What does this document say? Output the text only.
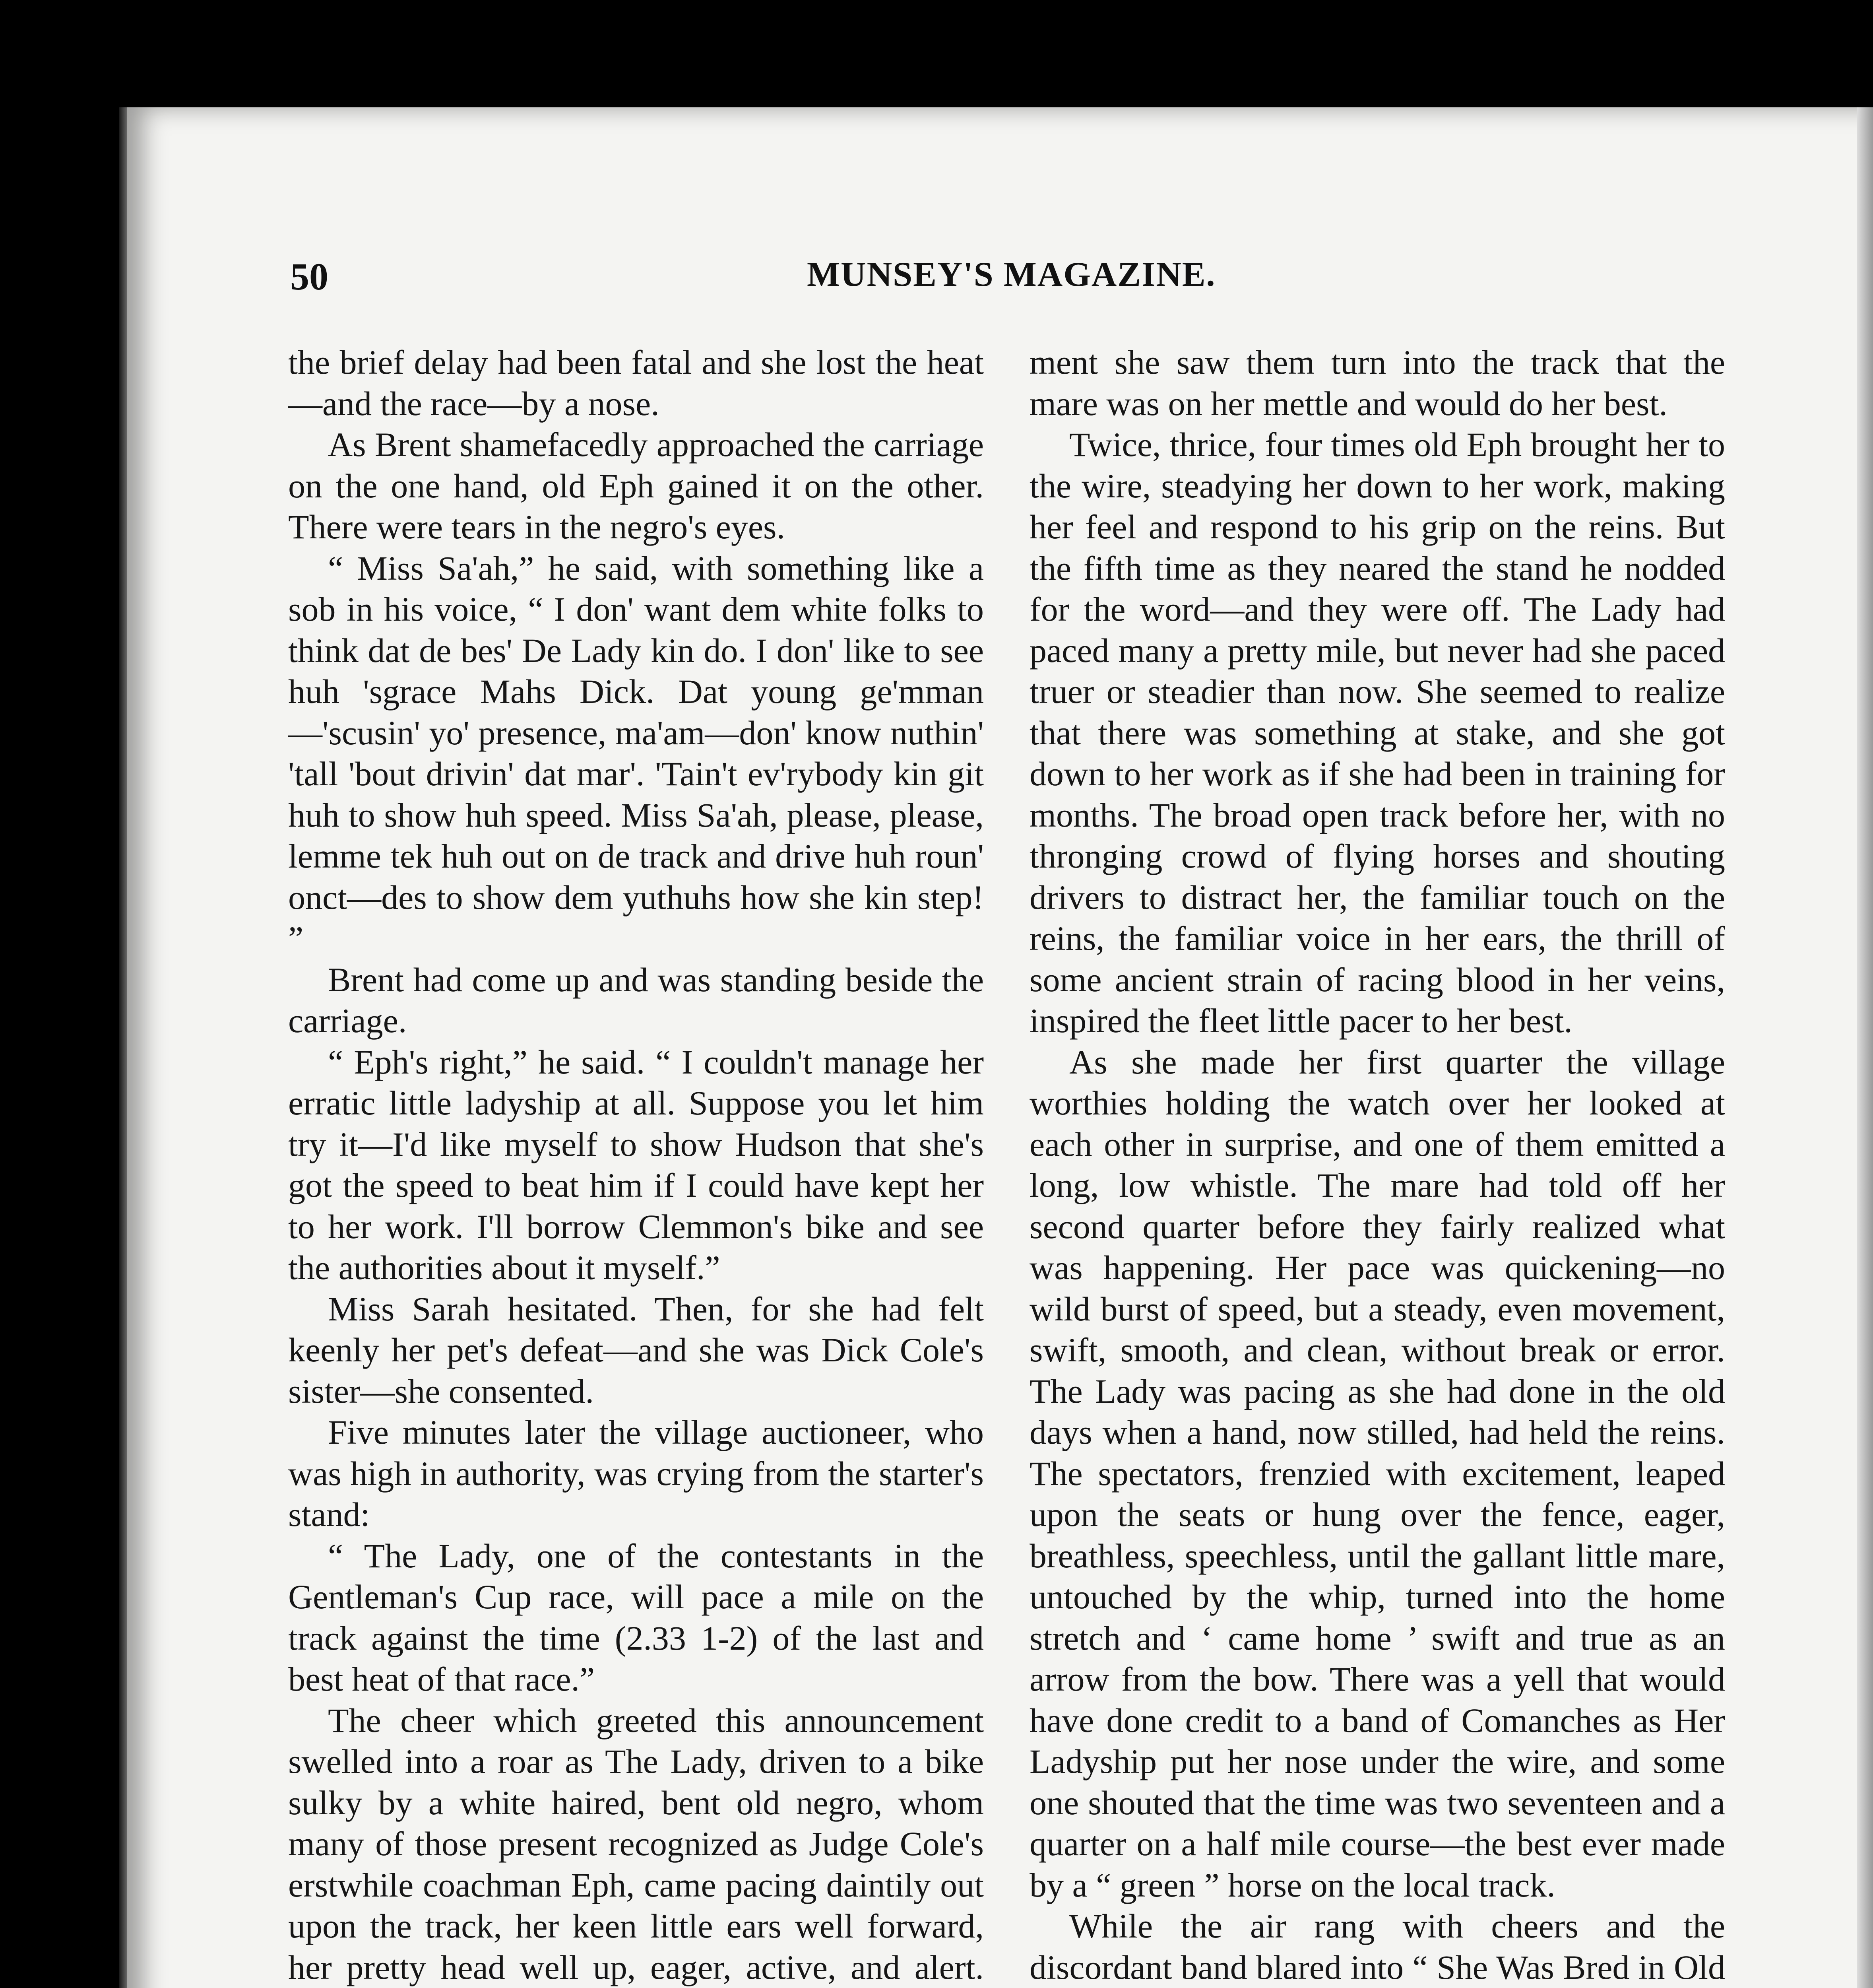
50	MUNSEY'S MAGAZINE.

the brief delay had been fatal and she lost the heat—and the race—by a nose.

As Brent shamefacedly approached the carriage on the one hand, old Eph gained it on the other. There were tears in the negro's eyes.

“ Miss Sa'ah,” he said, with something like a sob in his voice, “ I don' want dem white folks to think dat de bes' De Lady kin do. I don' like to see huh 'sgrace Mahs Dick. Dat young ge'mman—'scusin' yo' presence, ma'am—don' know nuthin' 'tall 'bout drivin' dat mar'. 'Tain't ev'rybody kin git huh to show huh speed. Miss Sa'ah, please, please, lemme tek huh out on de track and drive huh roun' onct—des to show dem yuthuhs how she kin step! ”

Brent had come up and was standing beside the carriage.

“ Eph's right,” he said. “ I couldn't manage her erratic little ladyship at all. Suppose you let him try it—I'd like myself to show Hudson that she's got the speed to beat him if I could have kept her to her work. I'll borrow Clemmon's bike and see the authorities about it myself.”

Miss Sarah hesitated. Then, for she had felt keenly her pet's defeat—and she was Dick Cole's sister—she consented.

Five minutes later the village auctioneer, who was high in authority, was crying from the starter's stand:

“ The Lady, one of the contestants in the Gentleman's Cup race, will pace a mile on the track against the time (2.33 1-2) of the last and best heat of that race.”

The cheer which greeted this announcement swelled into a roar as The Lady, driven to a bike sulky by a white haired, bent old negro, whom many of those present recognized as Judge Cole's erstwhile coachman Eph, came pacing daintily out upon the track, her keen little ears well forward, her pretty head well up, eager, active, and alert.

ment she saw them turn into the track that the mare was on her mettle and would do her best.

Twice, thrice, four times old Eph brought her to the wire, steadying her down to her work, making her feel and respond to his grip on the reins. But the fifth time as they neared the stand he nodded for the word—and they were off. The Lady had paced many a pretty mile, but never had she paced truer or steadier than now. She seemed to realize that there was something at stake, and she got down to her work as if she had been in training for months. The broad open track before her, with no thronging crowd of flying horses and shouting drivers to distract her, the familiar touch on the reins, the familiar voice in her ears, the thrill of some ancient strain of racing blood in her veins, inspired the fleet little pacer to her best.

As she made her first quarter the village worthies holding the watch over her looked at each other in surprise, and one of them emitted a long, low whistle. The mare had told off her second quarter before they fairly realized what was happening. Her pace was quickening—no wild burst of speed, but a steady, even movement, swift, smooth, and clean, without break or error. The Lady was pacing as she had done in the old days when a hand, now stilled, had held the reins. The spectators, frenzied with excitement, leaped upon the seats or hung over the fence, eager, breathless, speechless, until the gallant little mare, untouched by the whip, turned into the home stretch and ‘ came home ’ swift and true as an arrow from the bow. There was a yell that would have done credit to a band of Comanches as Her Ladyship put her nose under the wire, and some one shouted that the time was two seventeen and a quarter on a half mile course—the best ever made by a “ green ” horse on the local track.

While the air rang with cheers and the discordant band blared into “ She Was Bred in Old
